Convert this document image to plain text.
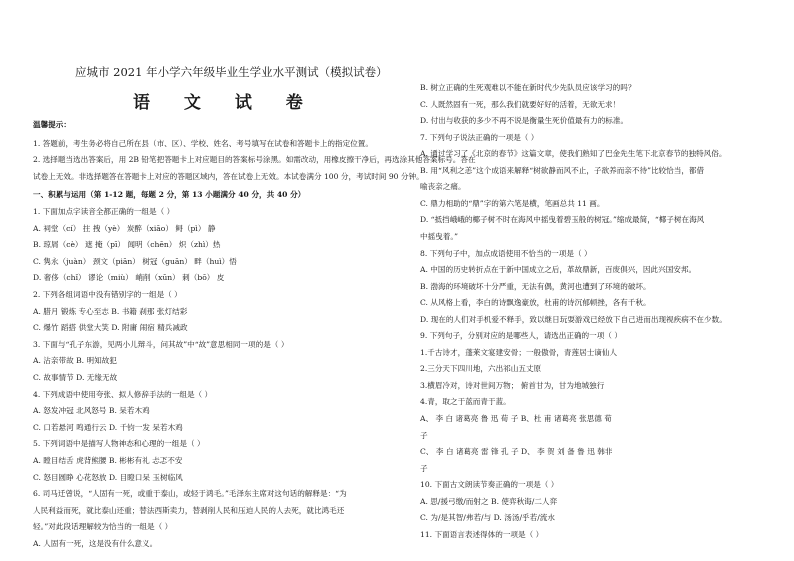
应城市 2021 年小学六年级毕业生学业水平测试（模拟试卷）
语 文 试 卷
温馨提示：
1. 答题前，考生务必将自己所在县（市、区）、学校、姓名、考号填写在试卷和答题卡上的指定位置。
2. 选择题当选出答案后，用 2B 铅笔把答题卡上对应题目的答案标号涂黑。如需改动，用橡皮擦干净后，再选涂其他答案标号。答在
试卷上无效。非选择题答在答题卡上对应的答题区域内，答在试卷上无效。本试卷满分 100 分，考试时间 90 分钟。
一、积累与运用（第 1-12 题，每题 2 分，第 13 小题满分 40 分，共 40 分）
1. 下面加点字读音全都正确的一组是（ ）
A. 祠堂（cí） 拄 拽（yè） 炭醉（xiāo） 鲟（pì） 静
B. 琼屑（cè） 遮 掩（pī） 闻明（chēn） 炽（zhì）热
C. 隽永（juàn） 颈文（piān） 树冠（guān） 畔（huì）悟
D. 奢侈（chǐ） 谬论（miù） 峭削（xūn） 刺（bō） 皮
2. 下列各组词语中没有错别字的一组是（ ）
A. 腊月 锻炼 专心至志 B. 书籍 刹那 张灯结彩
C. 爆竹 蹈搭 供堂大笑 D. 附庸 闹宿 精兵减政
3. 下面与“孔子东游，见两小儿辩斗，问其故”中“故”意思相同一项的是（ ）
A. 沾亲带故 B. 明知故犯
C. 故事情节 D. 无缘无故
4. 下列成语中使用夸张、拟人修辞手法的一组是（ ）
A. 怒发冲冠 北风怒号 B. 呆若木鸡
C. 口若悬河 鸣通行云 D. 千钧一发 呆若木鸡
5. 下列词语中是描写人物神态和心理的一组是（ ）
A. 瞠目结舌 虎背熊腰 B. 彬彬有礼 忐忑不安
C. 怒目圆睁 心花怒放 D. 目瞪口呆 玉树临风
6. 司马迁曾说，“人固有一死，或重于泰山，或轻于鸿毛。”毛泽东主席对这句话的解释是：“为
人民利益而死，就比泰山还重；替法西斯卖力，替剥削人民和压迫人民的人去死，就比鸿毛还
轻。”对此段话理解较为恰当的一组是（ ）
A. 人固有一死，这是没有什么意义。
B. 树立正确的生死观难以不能在新时代少先队员应该学习的吗？
C. 人既然固有一死，那么我们就要好好的活着，无欲无求！
D. 付出与收获的多少不再不说是衡量生死价值最有力的标准。
7. 下列句子说法正确的一项是（ ）
A. 通过学习了《北京的春节》这篇文章，使我们熟知了巴金先生笔下北京春节的独特风俗。
B. 用“风利之恙”这个成语来解释“树欲静而风不止，子欲养而亲不待”比较恰当，都借
喻丧亲之痛。
C. 鼎力相助的“鼎”字的第六笔是横，笔画总共 11 画。
D. “抵挡峨峨的椰子树不时在海风中摇曳着碧玉般的树冠。”缩成最简，“椰子树在海风
中摇曳着。”
8. 下列句子中，加点成语使用不恰当的一项是（ ）
A. 中国的历史转折点在于新中国成立之后，革故鼎新，百废俱兴，因此兴国安邦。
B. 渤海的环境破坏十分严重，无法有偶，黄河也遭到了环境的破坏。
C. 从风格上看，李白的诗飘逸豪放，杜甫的诗沉郁顿挫，各有千秋。
D. 现在的人们对手机爱不释手，致以继日玩耍游戏已经放下自己进而出现视疾病不在少数。
9. 下列句子，分别对应的是哪些人，请选出正确的一项（ ）
1.千古诗才，蓬莱文宴建安骨；一般傲骨，青莲居士谪仙人
2.三分天下四川地，六出祁山五丈原
3.横眉冷对，诗对世间万物； 俯首甘为，甘为地城独行
4.青，取之于蓝而青于蓝。
A、 李 白 诸葛亮 鲁 迅 荀 子 B、杜 甫 诸葛亮 张思德 荀
子
C、 李 白 诸葛亮 雷 锋 孔 子 D、 李 贺 刘 备 鲁 迅 韩非
子
10. 下面古文朗读节奏正确的一项是（ ）
A. 思/援弓缴/而射之 B. 使弈秋诲/二人弈
C. 为/是其智/弗若/与 D. 汤汤/乎若/流水
11. 下面语言表述得体的一项是（ ）
